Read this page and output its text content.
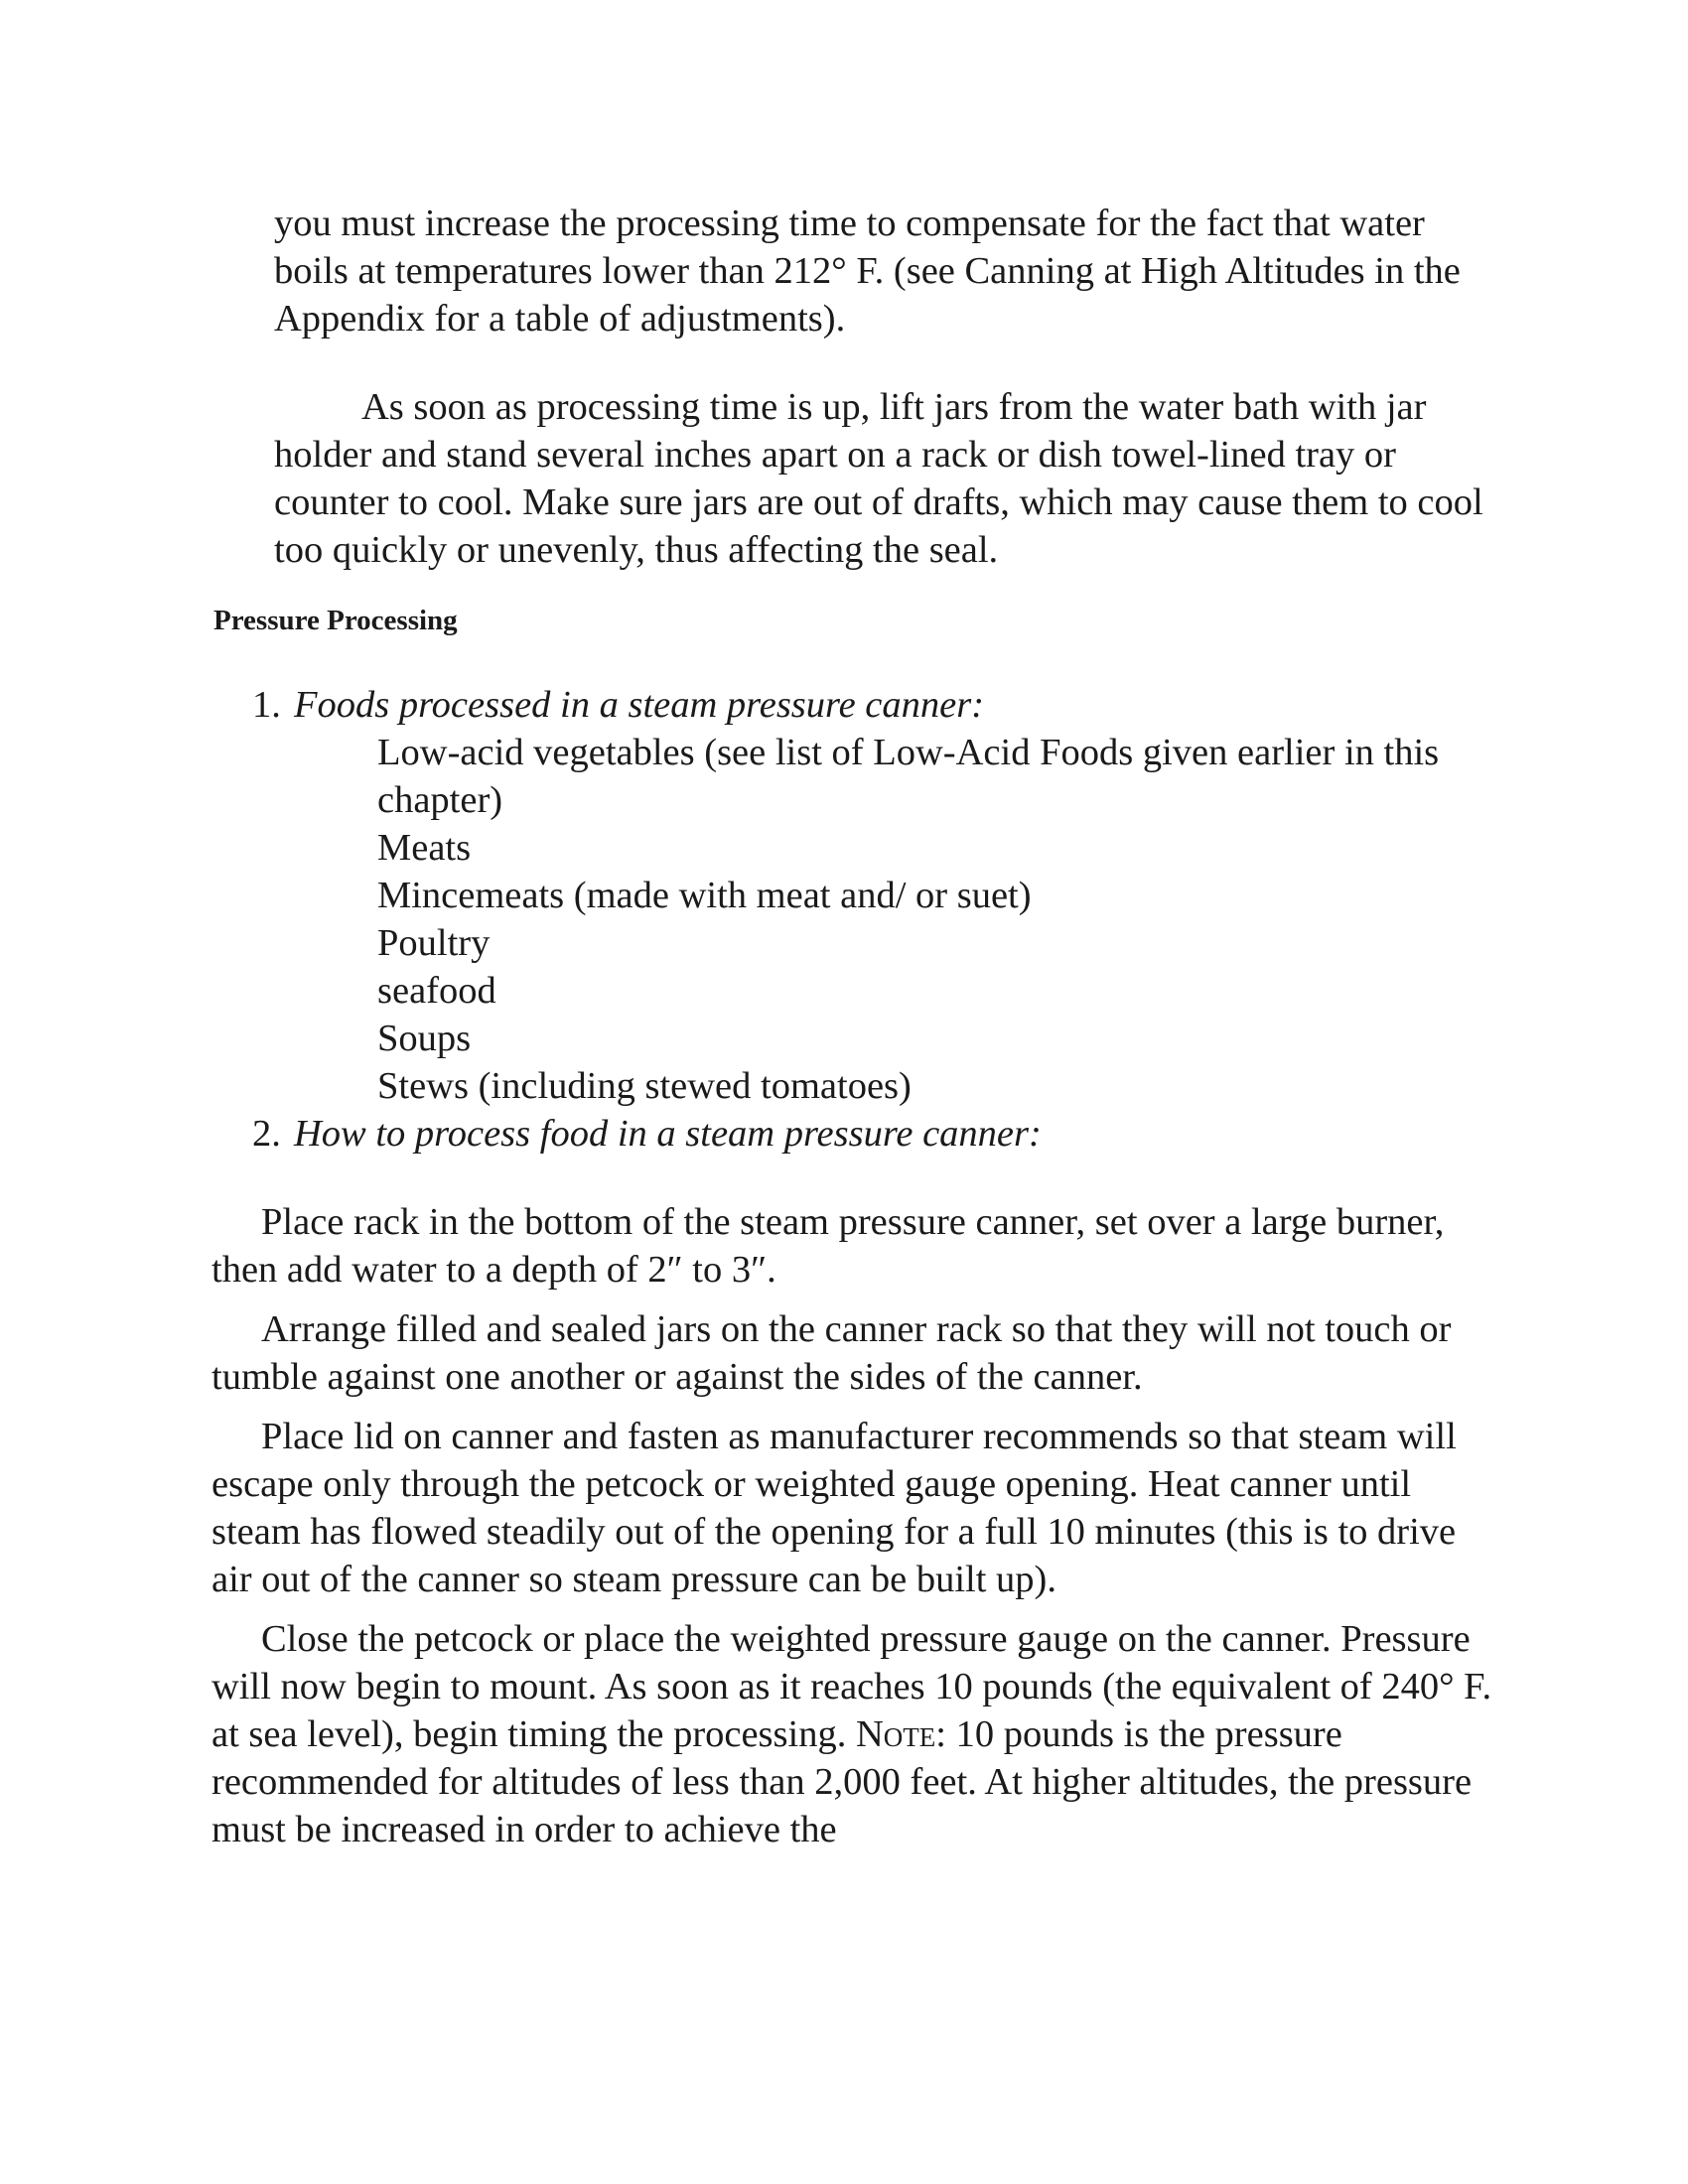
you must increase the processing time to compensate for the fact that water boils at temperatures lower than 212° F. (see Canning at High Altitudes in the Appendix for a table of adjustments).

As soon as processing time is up, lift jars from the water bath with jar holder and stand several inches apart on a rack or dish towel-lined tray or counter to cool. Make sure jars are out of drafts, which may cause them to cool too quickly or unevenly, thus affecting the seal.

Pressure Processing
1. Foods processed in a steam pressure canner:
Low-acid vegetables (see list of Low-Acid Foods given earlier in this chapter)
Meats
Mincemeats (made with meat and/ or suet)
Poultry
seafood
Soups
Stews (including stewed tomatoes)
2. How to process food in a steam pressure canner:

Place rack in the bottom of the steam pressure canner, set over a large burner, then add water to a depth of 2″ to 3″.

Arrange filled and sealed jars on the canner rack so that they will not touch or tumble against one another or against the sides of the canner.

Place lid on canner and fasten as manufacturer recommends so that steam will escape only through the petcock or weighted gauge opening. Heat canner until steam has flowed steadily out of the opening for a full 10 minutes (this is to drive air out of the canner so steam pressure can be built up).

Close the petcock or place the weighted pressure gauge on the canner. Pressure will now begin to mount. As soon as it reaches 10 pounds (the equivalent of 240° F. at sea level), begin timing the processing. Note: 10 pounds is the pressure recommended for altitudes of less than 2,000 feet. At higher altitudes, the pressure must be increased in order to achieve the
